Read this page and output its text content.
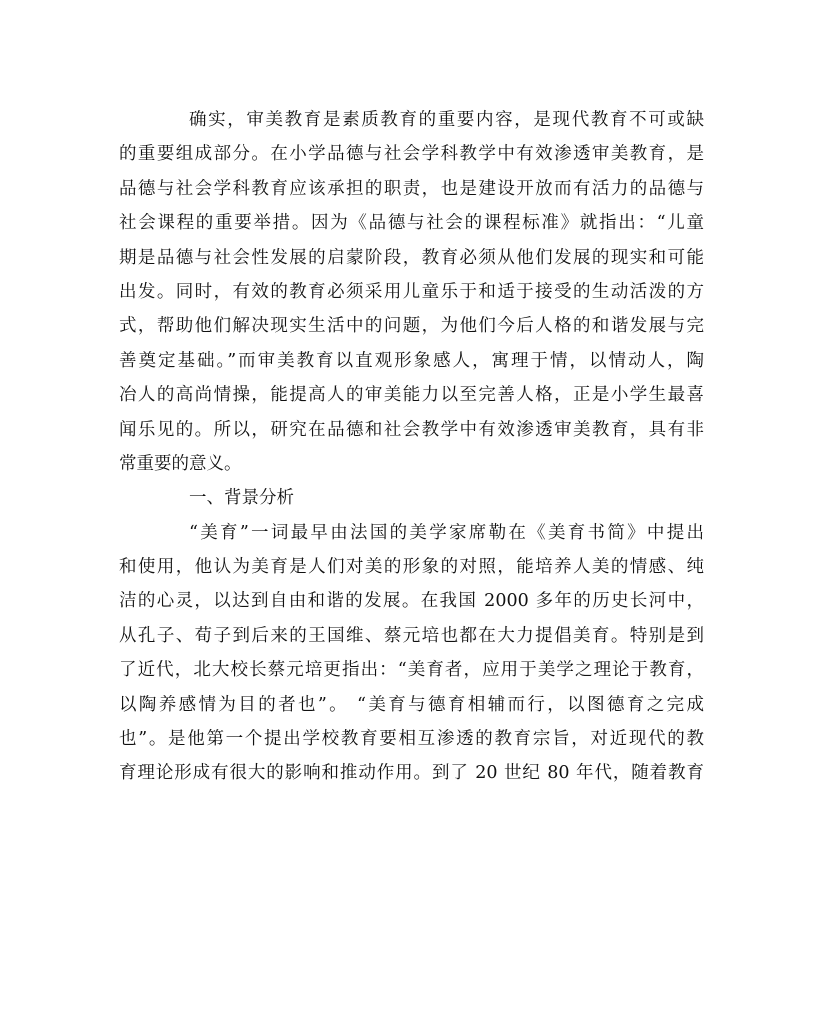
确实，审美教育是素质教育的重要内容，是现代教育不可或缺
的重要组成部分。在小学品德与社会学科教学中有效渗透审美教育，是
品德与社会学科教育应该承担的职责，也是建设开放而有活力的品德与
社会课程的重要举措。因为《品德与社会的课程标准》就指出：“儿童
期是品德与社会性发展的启蒙阶段，教育必须从他们发展的现实和可能
出发。同时，有效的教育必须采用儿童乐于和适于接受的生动活泼的方
式，帮助他们解决现实生活中的问题，为他们今后人格的和谐发展与完
善奠定基础。”而审美教育以直观形象感人，寓理于情，以情动人，陶
冶人的高尚情操，能提高人的审美能力以至完善人格，正是小学生最喜
闻乐见的。所以，研究在品德和社会教学中有效渗透审美教育，具有非
常重要的意义。
一、背景分析
“美育”一词最早由法国的美学家席勒在《美育书简》中提出
和使用，他认为美育是人们对美的形象的对照，能培养人美的情感、纯
洁的心灵，以达到自由和谐的发展。在我国 2000 多年的历史长河中，
从孔子、荀子到后来的王国维、蔡元培也都在大力提倡美育。特别是到
了近代，北大校长蔡元培更指出：“美育者，应用于美学之理论于教育，
以陶养感情为目的者也”。 “美育与德育相辅而行，以图德育之完成
也”。是他第一个提出学校教育要相互渗透的教育宗旨，对近现代的教
育理论形成有很大的影响和推动作用。到了 20 世纪 80 年代，随着教育
